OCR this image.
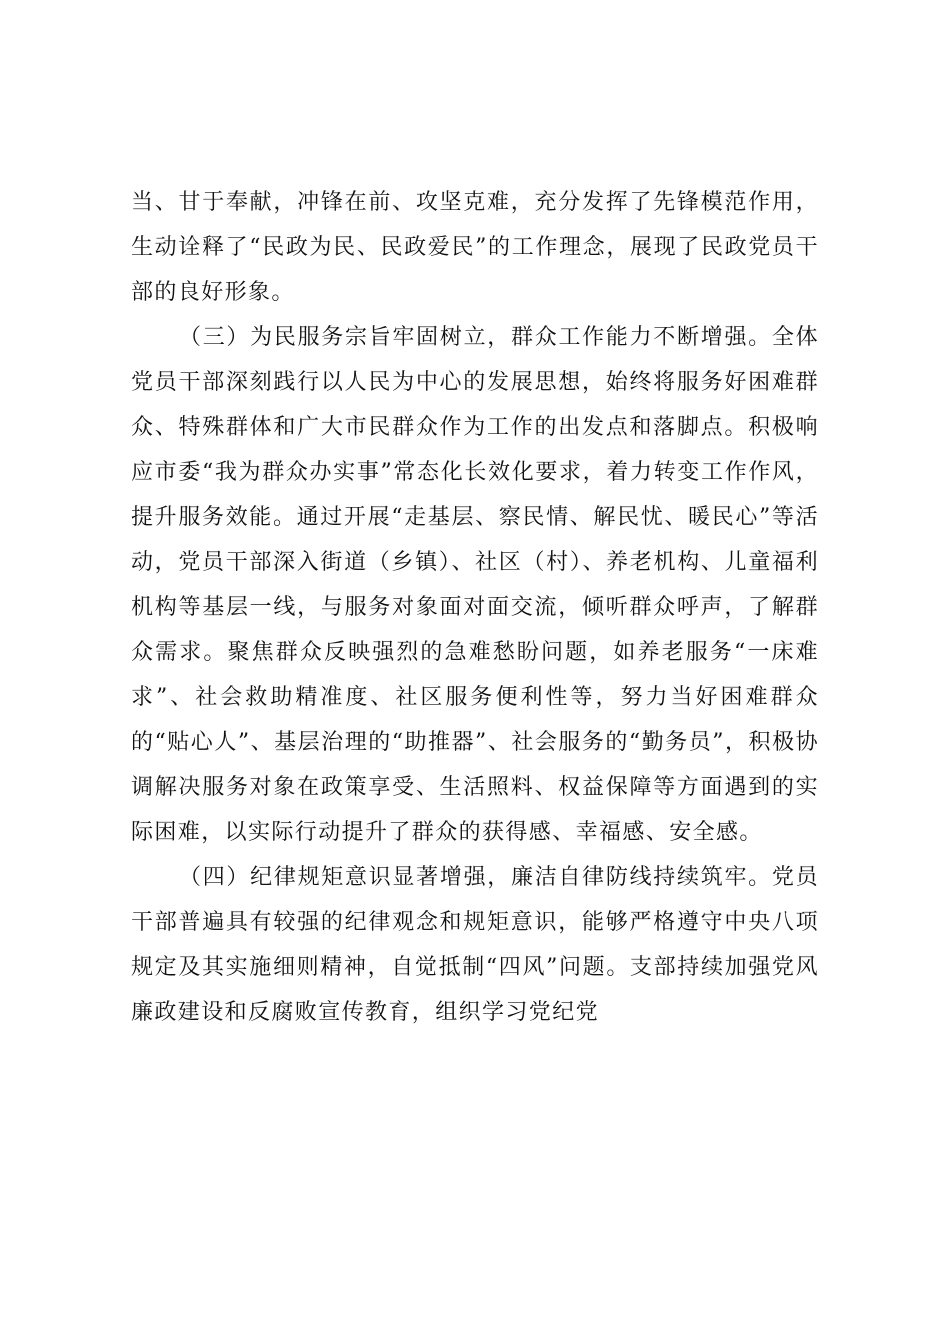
当、甘于奉献，冲锋在前、攻坚克难，充分发挥了先锋模范作用，生动诠释了“民政为民、民政爱民”的工作理念，展现了民政党员干部的良好形象。

（三）为民服务宗旨牢固树立，群众工作能力不断增强。全体党员干部深刻践行以人民为中心的发展思想，始终将服务好困难群众、特殊群体和广大市民群众作为工作的出发点和落脚点。积极响应市委“我为群众办实事”常态化长效化要求，着力转变工作作风，提升服务效能。通过开展“走基层、察民情、解民忧、暖民心”等活动，党员干部深入街道（乡镇）、社区（村）、养老机构、儿童福利机构等基层一线，与服务对象面对面交流，倾听群众呼声，了解群众需求。聚焦群众反映强烈的急难愁盼问题，如养老服务“一床难求”、社会救助精准度、社区服务便利性等，努力当好困难群众的“贴心人”、基层治理的“助推器”、社会服务的“勤务员”，积极协调解决服务对象在政策享受、生活照料、权益保障等方面遇到的实际困难，以实际行动提升了群众的获得感、幸福感、安全感。

（四）纪律规矩意识显著增强，廉洁自律防线持续筑牢。党员干部普遍具有较强的纪律观念和规矩意识，能够严格遵守中央八项规定及其实施细则精神，自觉抵制“四风”问题。支部持续加强党风廉政建设和反腐败宣传教育，组织学习党纪党
